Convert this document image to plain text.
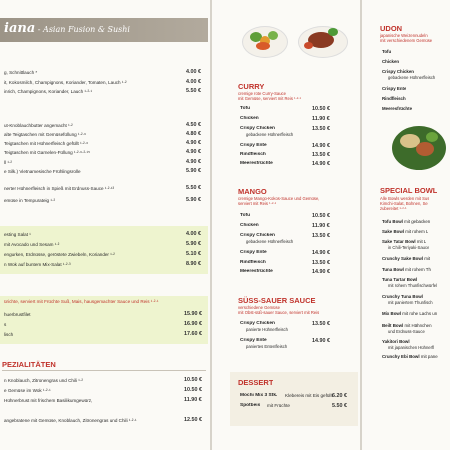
iana - Asian Fusion & Sushi
g, Schnittlauch *	4.00 €
it, Kokosmilch, Champignons, Koriander, Tomaten, Lauch ¹·²	4.00 €
inrich, Champignons, Koriander, Lauch ¹·²·¹	5.50 €
ut-Knoblauchbutter angemacht ¹·²	4.50 €
alte Teigtaschen mit Gemüsefüllung ¹·²·⁶	4.80 €
Teigtaschen mit Hühnerfleisch gefüllt ¹·²·⁶	4.90 €
Teigtaschen mit Garnelen-Füllung ¹·²·⁶·²·¹⁵	4.90 €
ll ¹·²	4.90 €
e Silk.) Vietnamesische Frühlingsrolle	5.90 €
nerter Hühnerfleisch in Spieß mit Erdnuss-Sauce ¹·²·¹³	5.50 €
emüse in Tempurateig ¹·²	5.90 €
esting Salat ¹	4.00 €
mit Avocado und Sesam ¹·²	5.90 €
engurken, Erdnüsse, geröstete Zwiebeln, Koriander ¹·²	5.10 €
n Wok auf buntem Mix-Salat ¹·²·³	8.90 €
ürichte, serviert mit Früchte Suß, Mais, hausgemachter Sauce und Reis ¹·²·¹
huerbrustfilet	15.90 €
s	16.90 €
lisch	17.60 €
PEZIALITÄTEN
n Knoblauch, Zitronengras und Chili ¹·²	10.50 €
e Gemüse im Wok ¹·²·¹	10.50 €
Hühnerbrust mit frischem Basilikumgewürz,	11.90 €
angebratene mit Gemüse, Knoblauch, Zitronengras und Chili ¹·²·¹	12.50 €
CURRY
cremige rote Curry-Sauce
mit Gemüse, serviert mit Reis ¹·²·¹
Tofu	10.50 €
Chicken	11.90 €
Crispy Chicken
gebackene Hühnerfleisch
13.50 €
Crispy Ente	14.90 €
Rindfleisch	13.50 €
Meeresfrüchte	14.90 €
MANGO
cremige Mango-Kokos-Sauce und Gemüse,
serviert mit Reis ¹·²·¹
Tofu	10.50 €
Chicken	11.90 €
Crispy Chicken
gebackene Hühnerfleisch
13.50 €
Crispy Ente	14.90 €
Rindfleisch	13.50 €
Meeresfrüchte	14.90 €
SÜSS-SAUER SAUCE
verschiedene Gemüse
mit Obst-süß-sauer Sauce, serviert mit Reis
Crispy Chicken
panierte Hühnerfleisch
13.50 €
Crispy Ente
paniertes Entenfleisch
14.90 €
DESSERT
Mochi Mix 3 Stk. Klebereis mit Eis gefüllt 6.20 €
Spotbeis mit Früchte	5.50 €
UDON
japanische Weizennudeln
mit verschiedenem Gemüse
Tofu
Chicken
Crispy Chicken
gebackene Hühnerfleisch
Crispy Ente
Rindfleisch
Meeresfrüchte
SPECIAL BOWL
Alle Bowls werden mit Sus
Kimchi-Salat, Bohnen, Se
zubereitet ¹·²·¹
Tofu Bowl mit gebacken
Sake Bowl mit rohem L
Sake Tatar Bowl mit L
in Chili-Teriyaki-Sauce
Crunchy Sake Bowl mit
Tuna Bowl mit rohem Th
Tuna Tartar Bowl
mit rohem Thunfischwürfel
Crunchy Tuna Bowl
mit paniertem Thunfisch
Mix Bowl mit rohe Lachs un
Beilt Bowl mit Hähnchen
und Erdnuss-Sauce
Yakitori Bowl
mit japanischen Hühnerfl
Crunchy Ebi Bowl mit pane
